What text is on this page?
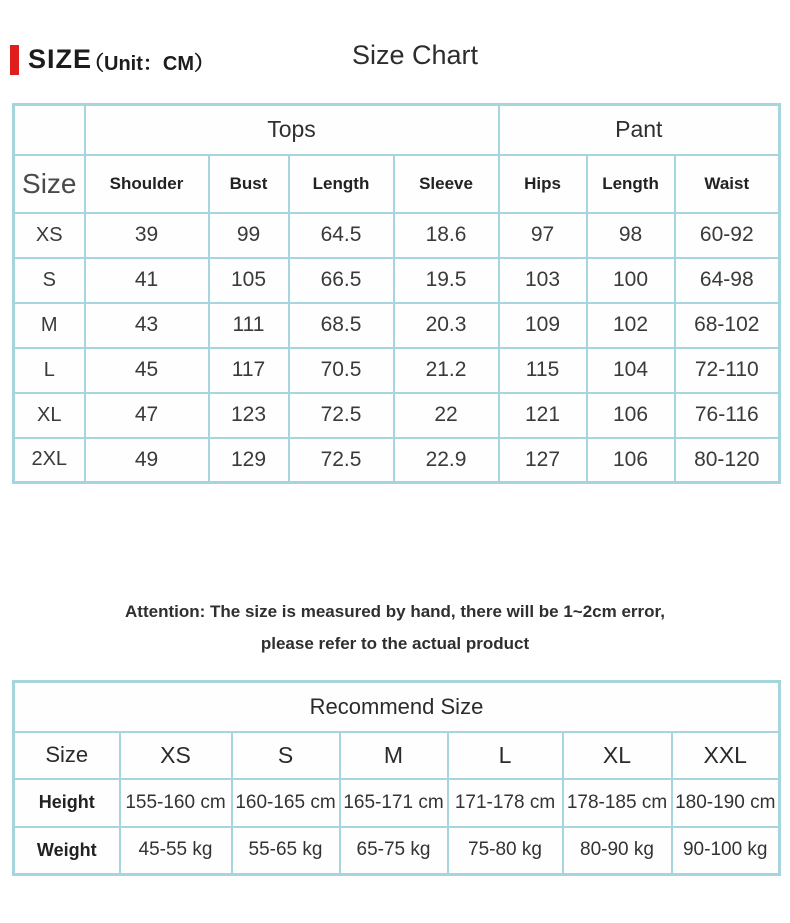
SIZE
（Unit：CM）	Size Chart
	Tops				Pant		
Size	Shoulder	Bust	Length	Sleeve	Hips	Length	Waist
XS	39	99	64.5	18.6	97	98	60-92
S	41	105	66.5	19.5	103	100	64-98
M	43	111	68.5	20.3	109	102	68-102
L	45	117	70.5	21.2	115	104	72-110
XL	47	123	72.5	22	121	106	76-116
2XL	49	129	72.5	22.9	127	106	80-120
Attention: The size is measured by hand, there will be 1~2cm error,
please refer to the actual product
Recommend Size						
Size	XS	S	M	L	XL	XXL
Height	155-160 cm	160-165 cm	165-171 cm	171-178 cm	178-185 cm	180-190 cm
Weight	45-55 kg	55-65 kg	65-75 kg	75-80 kg	80-90 kg	90-100 kg
